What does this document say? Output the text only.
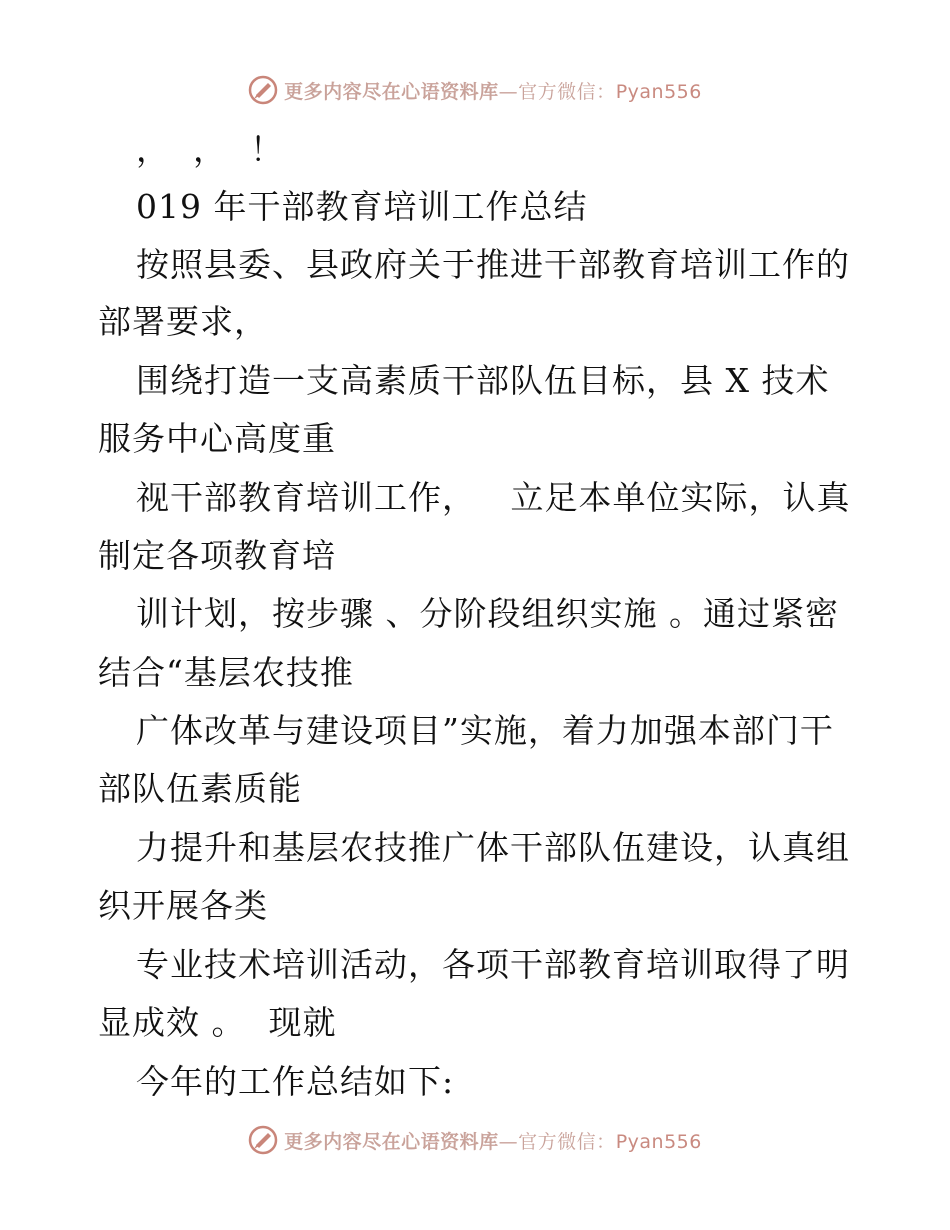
更多内容尽在心语资料库—官方微信：Pyan556
，  ，  ！
019 年干部教育培训工作总结
按照县委、县政府关于推进干部教育培训工作的
部署要求，
围绕打造一支高素质干部队伍目标，县 X 技术
服务中心高度重
视干部教育培训工作，   立足本单位实际，认真
制定各项教育培
训计划，按步骤 、分阶段组织实施 。通过紧密
结合“基层农技推
广体改革与建设项目”实施，着力加强本部门干
部队伍素质能
力提升和基层农技推广体干部队伍建设，认真组
织开展各类
专业技术培训活动，各项干部教育培训取得了明
显成效 。  现就
今年的工作总结如下:
更多内容尽在心语资料库—官方微信：Pyan556
